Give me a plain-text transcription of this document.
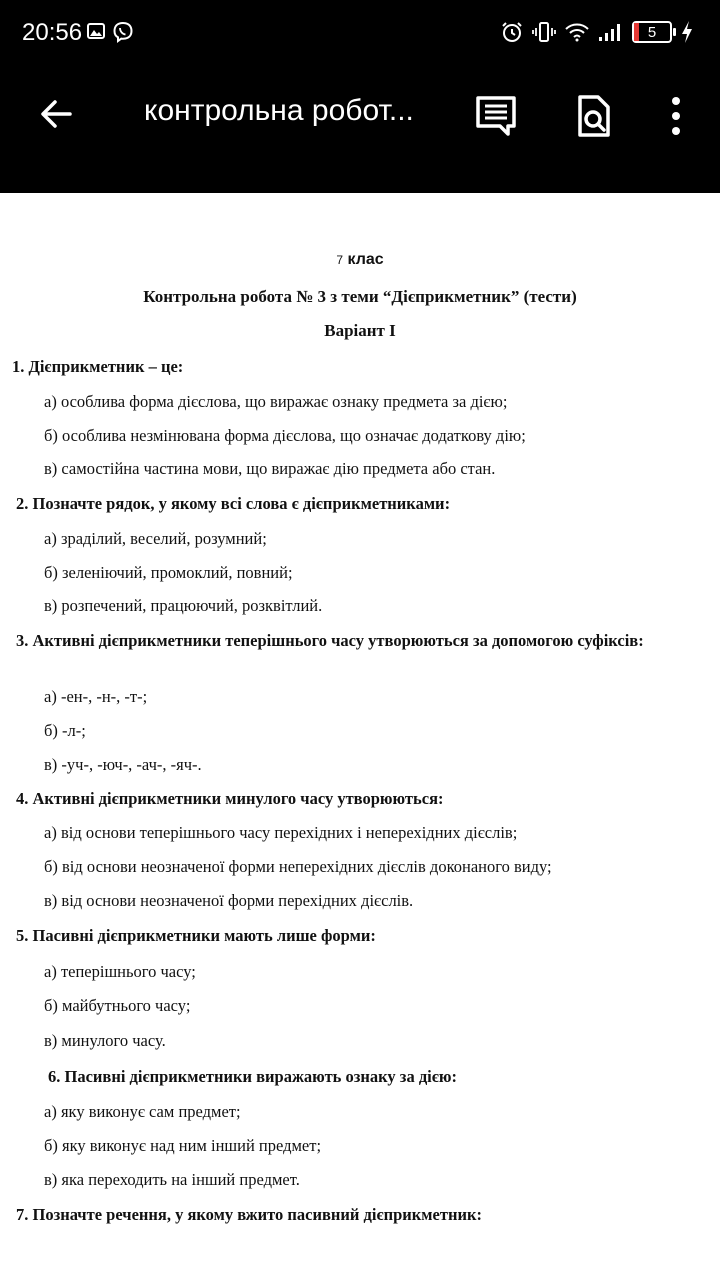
20:56	5
контрольна робот...
7 клас
Контрольна робота № 3 з теми “Дієприкметник” (тести)
Варіант І
1. Дієприкметник – це:
а) особлива форма дієслова, що виражає ознаку предмета за дією;
б) особлива незмінювана форма дієслова, що означає додаткову дію;
в) самостійна частина мови, що виражає дію предмета або стан.
2. Позначте рядок, у якому всі слова є дієприкметниками:
а) зраділий, веселий, розумний;
б) зеленіючий, промоклий, повний;
в) розпечений, працюючий, розквітлий.
3. Активні дієприкметники теперішнього часу утворюються за допомогою суфіксів:
а) -ен-, -н-, -т-;
б) -л-;
в) -уч-, -юч-, -ач-, -яч-.
4. Активні дієприкметники минулого часу утворюються:
а) від основи теперішнього часу перехідних і неперехідних дієслів;
б) від основи неозначеної форми неперехідних дієслів доконаного виду;
в) від основи неозначеної форми перехідних дієслів.
5. Пасивні дієприкметники мають лише форми:
а) теперішнього часу;
б) майбутнього часу;
в) минулого часу.
6. Пасивні дієприкметники виражають ознаку за дією:
а) яку виконує сам предмет;
б) яку виконує над ним інший предмет;
в) яка переходить на інший предмет.
7. Позначте речення, у якому вжито пасивний дієприкметник:
